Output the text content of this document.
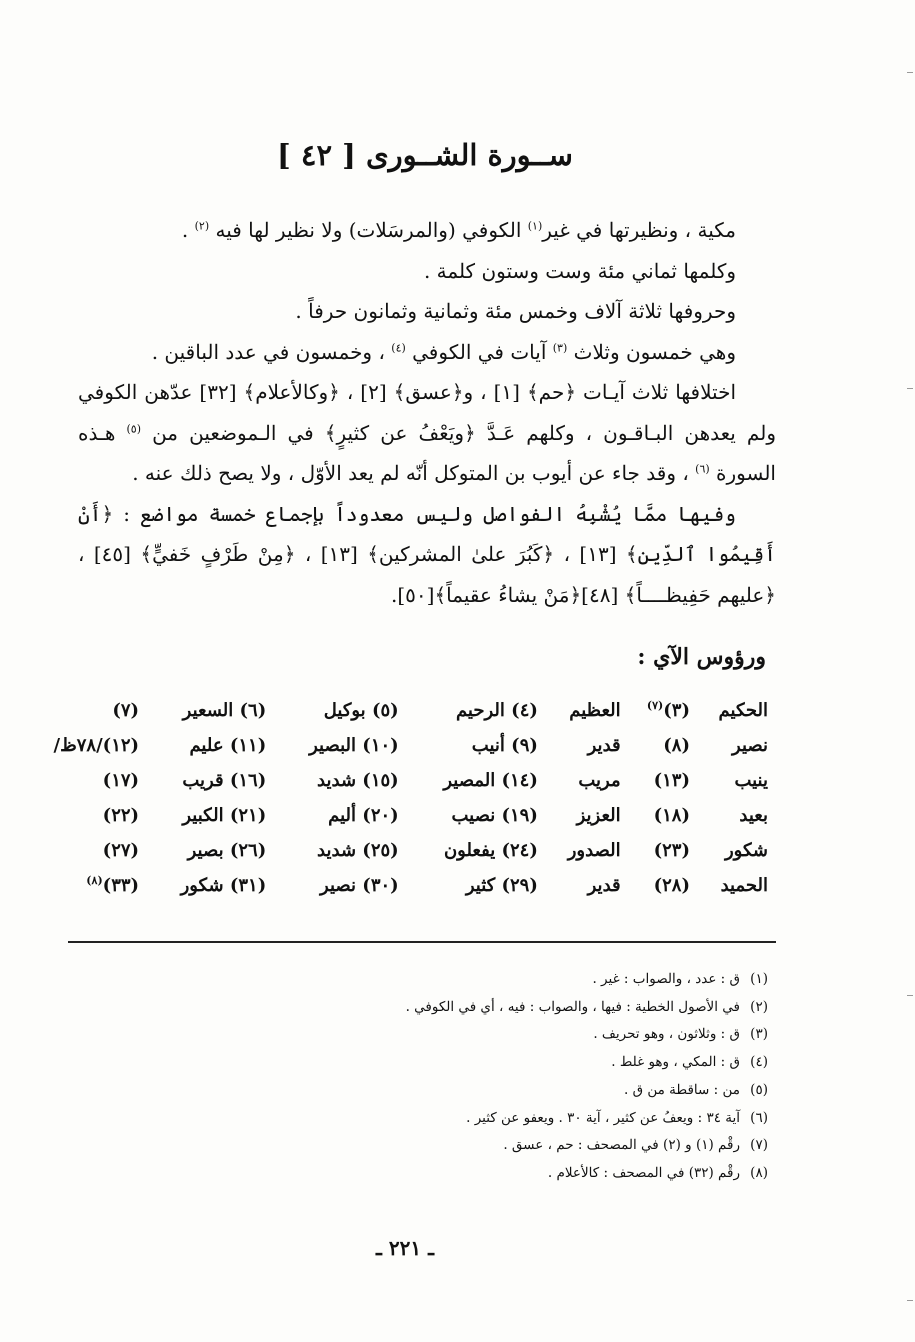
ســورة الشــورى [ ٤٢ ]

مكية ، ونظيرتها في غير$^{(١)}$ الكوفي (والمرسَلات) ولا نظير لها فيه $^{(٢)}$ .

وكلمها ثماني مئة وست وستون كلمة .

وحروفها ثلاثة آلاف وخمس مئة وثمانية وثمانون حرفاً .

وهي خمسون وثلاث $^{(٣)}$ آيات في الكوفي $^{(٤)}$ ، وخمسون في عدد الباقين .

اختلافها ثلاث آيـات ﴿حم﴾ [١] ، و﴿عسق﴾ [٢] ، ﴿وكالأعلام﴾ [٣٢] عدّهن الكوفي ولم يعدهن البـاقـون ، وكلهم عَـدَّ ﴿ويَعْفُ عن كثيرٍ﴾ في الـموضعين من $^{(٥)}$ هـذه السورة $^{(٦)}$ ، وقد جاء عن أيوب بن المتوكل أنّه لم يعد الأوّل ، ولا يصح ذلك عنه .

وفيها ممَّا يُشْبِهُ الفواصل وليس معدوداً بإجماع خمسة مواضع : ﴿أَنْ أَقِيمُوا ٱلدِّين﴾ [١٣] ، ﴿كَبُرَ علىٰ المشركين﴾ [١٣] ، ﴿مِنْ طَرْفٍ خَفيٍّ﴾ [٤٥] ، ﴿عليهم حَفِيظــــاً﴾ [٤٨]﴿مَنْ يشاءُ عقيماً﴾[٥٠].

ورؤوس الآي :
الحكيم	(٣)$^{(٧)}$	العظيم	(٤) الرحيم	(٥) بوكيل	(٦) السعير	(٧)
نصير	(٨)	قدير	(٩) أنيب	(١٠) البصير	(١١) عليم	(١٢)/٧٨ظ/
ينيب	(١٣)	مريب	(١٤) المصير	(١٥) شديد	(١٦) قريب	(١٧)
بعيد	(١٨)	العزيز	(١٩) نصيب	(٢٠) أليم	(٢١) الكبير	(٢٢)
شكور	(٢٣)	الصدور	(٢٤) يفعلون	(٢٥) شديد	(٢٦) بصير	(٢٧)
الحميد	(٢٨)	قدير	(٢٩) كثير	(٣٠) نصير	(٣١) شكور	(٣٣)$^{(٨)}$

(١)ق : عدد ، والصواب : غير .

(٢)في الأصول الخطية : فيها ، والصواب : فيه ، أي في الكوفي .

(٣)ق : وثلاثون ، وهو تحريف .

(٤)ق : المكي ، وهو غلط .

(٥)من : ساقطة من ق .

(٦)آية ٣٤ : ويعفُ عن كثير ، آية ٣٠ . ويعفو عن كثير .

(٧)رقْم (١) و (٢) في المصحف : حم ، عسق .

(٨)رقْم (٣٢) في المصحف : كالأعلام .

ـ ٢٢١ ـ
